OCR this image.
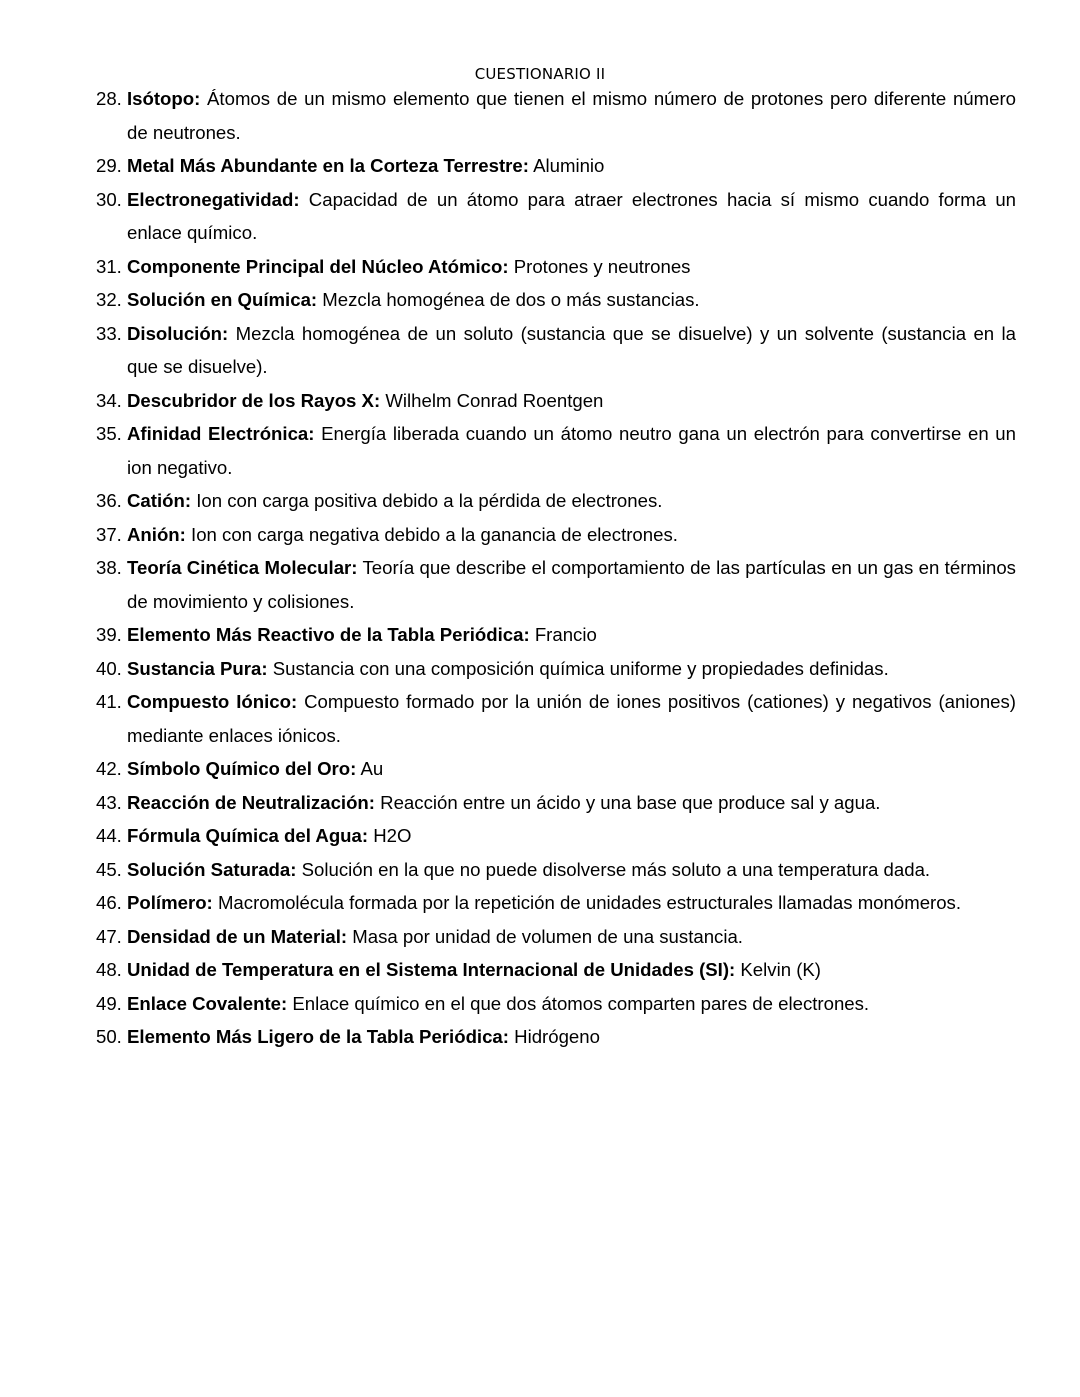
CUESTIONARIO II
28. Isótopo: Átomos de un mismo elemento que tienen el mismo número de protones pero diferente número de neutrones.
29. Metal Más Abundante en la Corteza Terrestre: Aluminio
30. Electronegatividad: Capacidad de un átomo para atraer electrones hacia sí mismo cuando forma un enlace químico.
31. Componente Principal del Núcleo Atómico: Protones y neutrones
32. Solución en Química: Mezcla homogénea de dos o más sustancias.
33. Disolución: Mezcla homogénea de un soluto (sustancia que se disuelve) y un solvente (sustancia en la que se disuelve).
34. Descubridor de los Rayos X: Wilhelm Conrad Roentgen
35. Afinidad Electrónica: Energía liberada cuando un átomo neutro gana un electrón para convertirse en un ion negativo.
36. Catión: Ion con carga positiva debido a la pérdida de electrones.
37. Anión: Ion con carga negativa debido a la ganancia de electrones.
38. Teoría Cinética Molecular: Teoría que describe el comportamiento de las partículas en un gas en términos de movimiento y colisiones.
39. Elemento Más Reactivo de la Tabla Periódica: Francio
40. Sustancia Pura: Sustancia con una composición química uniforme y propiedades definidas.
41. Compuesto Iónico: Compuesto formado por la unión de iones positivos (cationes) y negativos (aniones) mediante enlaces iónicos.
42. Símbolo Químico del Oro: Au
43. Reacción de Neutralización: Reacción entre un ácido y una base que produce sal y agua.
44. Fórmula Química del Agua: H2O
45. Solución Saturada: Solución en la que no puede disolverse más soluto a una temperatura dada.
46. Polímero: Macromolécula formada por la repetición de unidades estructurales llamadas monómeros.
47. Densidad de un Material: Masa por unidad de volumen de una sustancia.
48. Unidad de Temperatura en el Sistema Internacional de Unidades (SI): Kelvin (K)
49. Enlace Covalente: Enlace químico en el que dos átomos comparten pares de electrones.
50. Elemento Más Ligero de la Tabla Periódica: Hidrógeno
